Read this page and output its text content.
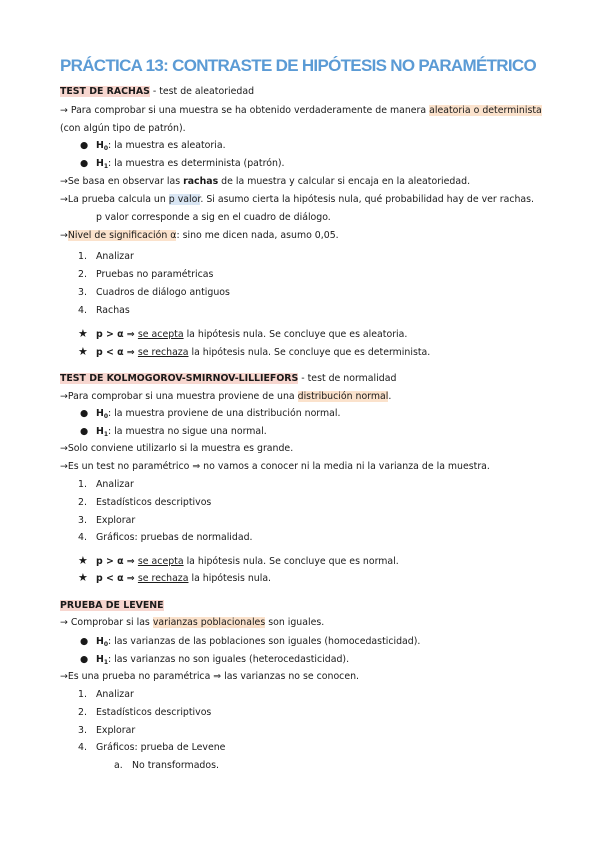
PRÁCTICA 13: CONTRASTE DE HIPÓTESIS NO PARAMÉTRICO
TEST DE RACHAS - test de aleatoriedad
→ Para comprobar si una muestra se ha obtenido verdaderamente de manera aleatoria o determinista
(con algún tipo de patrón).
● $H_0$: la muestra es aleatoria.
● $H_1$: la muestra es determinista (patrón).
→Se basa en observar las rachas de la muestra y calcular si encaja en la aleatoriedad.
→La prueba calcula un p valor. Si asumo cierta la hipótesis nula, qué probabilidad hay de ver rachas.
p valor corresponde a sig en el cuadro de diálogo.
→Nivel de significación α: sino me dicen nada, asumo 0,05.
1. Analizar
2. Pruebas no paramétricas
3. Cuadros de diálogo antiguos
4. Rachas
★ p > α ⇒ se acepta la hipótesis nula. Se concluye que es aleatoria.
★ p < α ⇒ se rechaza la hipótesis nula. Se concluye que es determinista.
TEST DE KOLMOGOROV-SMIRNOV-LILLIEFORS - test de normalidad
→Para comprobar si una muestra proviene de una distribución normal.
● $H_0$: la muestra proviene de una distribución normal.
● $H_1$: la muestra no sigue una normal.
→Solo conviene utilizarlo si la muestra es grande.
→Es un test no paramétrico ⇒ no vamos a conocer ni la media ni la varianza de la muestra.
1. Analizar
2. Estadísticos descriptivos
3. Explorar
4. Gráficos: pruebas de normalidad.
★ p > α ⇒ se acepta la hipótesis nula. Se concluye que es normal.
★ p < α ⇒ se rechaza la hipótesis nula.
PRUEBA DE LEVENE
→ Comprobar si las varianzas poblacionales son iguales.
● $H_0$: las varianzas de las poblaciones son iguales (homocedasticidad).
● $H_1$: las varianzas no son iguales (heterocedasticidad).
→Es una prueba no paramétrica ⇒ las varianzas no se conocen.
1. Analizar
2. Estadísticos descriptivos
3. Explorar
4. Gráficos: prueba de Levene
a. No transformados.
